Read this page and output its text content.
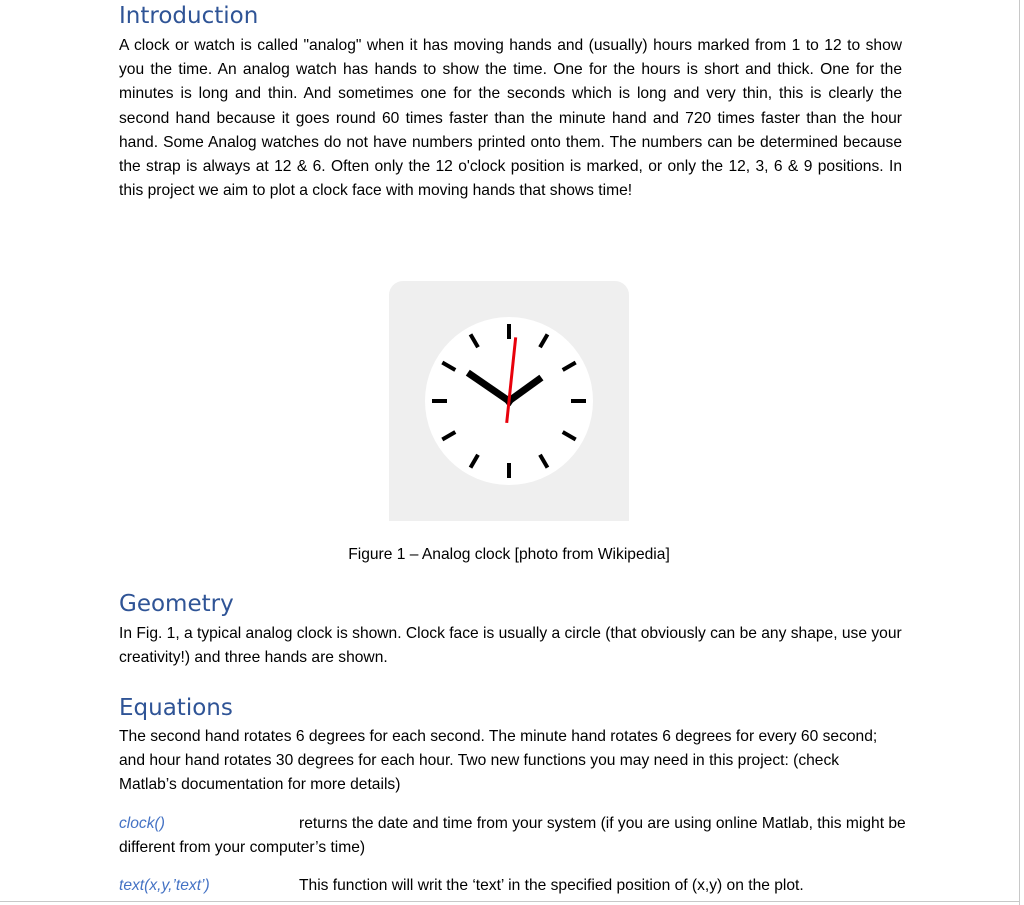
Introduction

A clock or watch is called "analog" when it has moving hands and (usually) hours marked from 1 to 12 to show you the time. An analog watch has hands to show the time. One for the hours is short and thick. One for the minutes is long and thin. And sometimes one for the seconds which is long and very thin, this is clearly the second hand because it goes round 60 times faster than the minute hand and 720 times faster than the hour hand. Some Analog watches do not have numbers printed onto them. The numbers can be determined because the strap is always at 12 & 6. Often only the 12 o'clock position is marked, or only the 12, 3, 6 & 9 positions. In this project we aim to plot a clock face with moving hands that shows time!

Figure 1 – Analog clock [photo from Wikipedia]

Geometry

In Fig. 1, a typical analog clock is shown. Clock face is usually a circle (that obviously can be any shape, use your creativity!) and three hands are shown.

Equations

The second hand rotates 6 degrees for each second. The minute hand rotates 6 degrees for every 60 second; and hour hand rotates 30 degrees for each hour. Two new functions you may need in this project: (check Matlab’s documentation for more details)

clock()	returns the date and time from your system (if you are using online Matlab, this might be different from your computer’s time)

text(x,y,’text’)	This function will writ the ‘text’ in the specified position of (x,y) on the plot.
